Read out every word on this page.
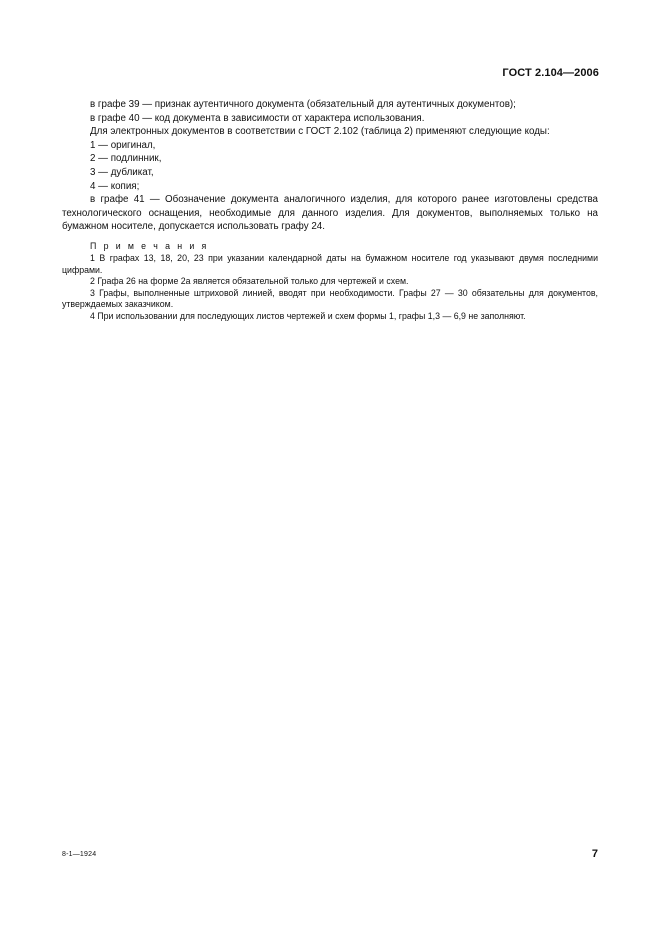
ГОСТ 2.104—2006

в графе 39 — признак аутентичного документа (обязательный для аутентичных документов);

в графе 40 — код документа в зависимости от характера использования.

Для электронных документов в соответствии с ГОСТ 2.102 (таблица 2) применяют следующие коды:

1 — оригинал,

2 — подлинник,

3 — дубликат,

4 — копия;

в графе 41 — Обозначение документа аналогичного изделия, для которого ранее изготовлены средства технологического оснащения, необходимые для данного изделия. Для документов, выполняемых только на бумажном носителе, допускается использовать графу 24.

П р и м е ч а н и я

1 В графах 13, 18, 20, 23 при указании календарной даты на бумажном носителе год указывают двумя последними цифрами.

2 Графа 26 на форме 2а является обязательной только для чертежей и схем.

3 Графы, выполненные штриховой линией, вводят при необходимости. Графы 27 — 30 обязательны для документов, утверждаемых заказчиком.

4 При использовании для последующих листов чертежей и схем формы 1, графы 1,3 — 6,9 не заполняют.

8-1—1924	7
